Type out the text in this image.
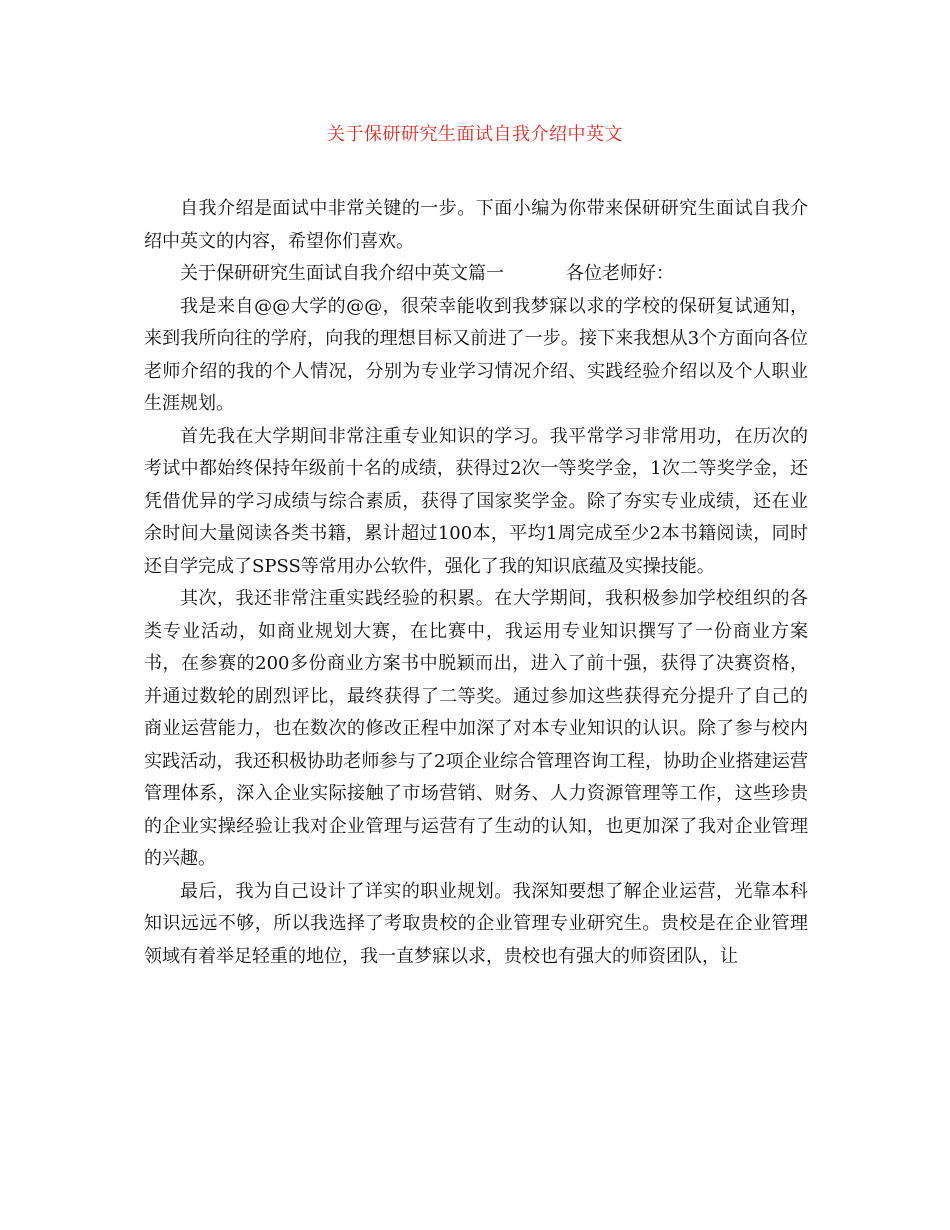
关于保研研究生面试自我介绍中英文

自我介绍是面试中非常关键的一步。下面小编为你带来保研研究生面试自我介绍中英文的内容，希望你们喜欢。

关于保研研究生面试自我介绍中英文篇一	各位老师好：

我是来自@@大学的@@，很荣幸能收到我梦寐以求的学校的保研复试通知，来到我所向往的学府，向我的理想目标又前进了一步。接下来我想从3个方面向各位老师介绍的我的个人情况，分别为专业学习情况介绍、实践经验介绍以及个人职业生涯规划。

首先我在大学期间非常注重专业知识的学习。我平常学习非常用功，在历次的考试中都始终保持年级前十名的成绩，获得过2次一等奖学金，1次二等奖学金，还凭借优异的学习成绩与综合素质，获得了国家奖学金。除了夯实专业成绩，还在业余时间大量阅读各类书籍，累计超过100本，平均1周完成至少2本书籍阅读，同时还自学完成了SPSS等常用办公软件，强化了我的知识底蕴及实操技能。

其次，我还非常注重实践经验的积累。在大学期间，我积极参加学校组织的各类专业活动，如商业规划大赛，在比赛中，我运用专业知识撰写了一份商业方案书，在参赛的200多份商业方案书中脱颖而出，进入了前十强，获得了决赛资格，并通过数轮的剧烈评比，最终获得了二等奖。通过参加这些获得充分提升了自己的商业运营能力，也在数次的修改正程中加深了对本专业知识的认识。除了参与校内实践活动，我还积极协助老师参与了2项企业综合管理咨询工程，协助企业搭建运营管理体系，深入企业实际接触了市场营销、财务、人力资源管理等工作，这些珍贵的企业实操经验让我对企业管理与运营有了生动的认知，也更加深了我对企业管理的兴趣。

最后，我为自己设计了详实的职业规划。我深知要想了解企业运营，光靠本科知识远远不够，所以我选择了考取贵校的企业管理专业研究生。贵校是在企业管理领域有着举足轻重的地位，我一直梦寐以求，贵校也有强大的师资团队，让
